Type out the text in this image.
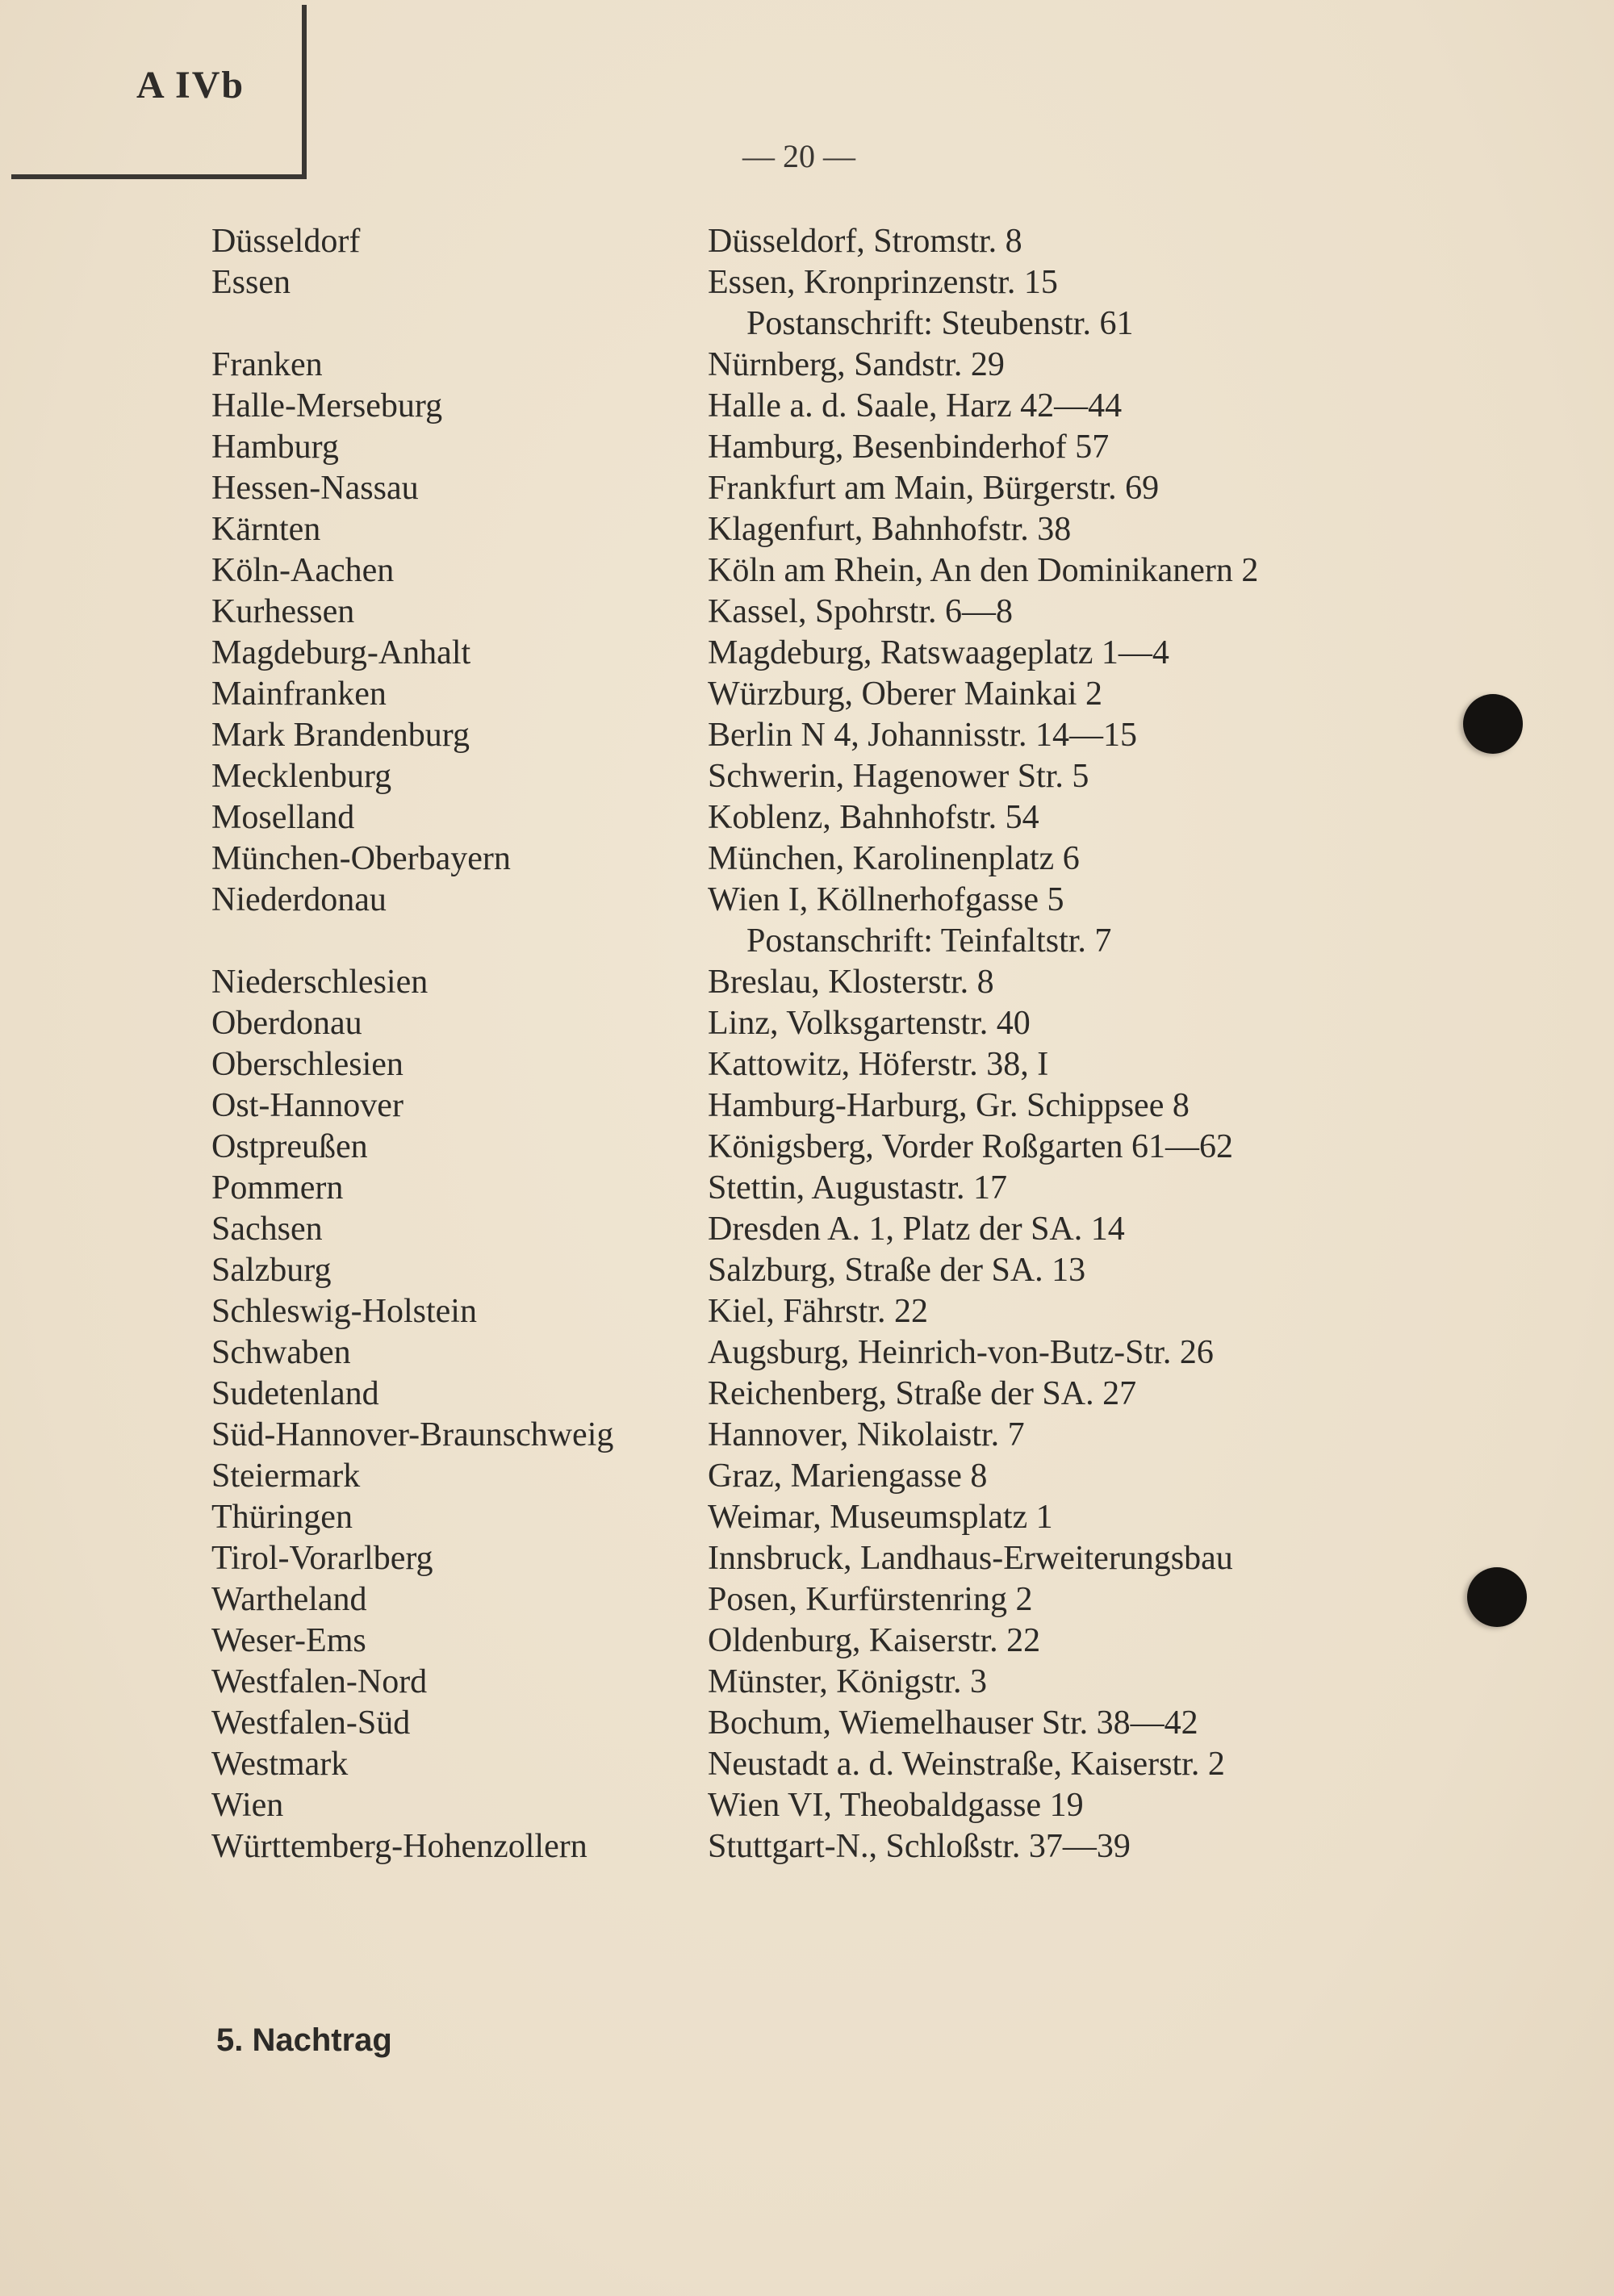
A IVb
— 20 —
Düsseldorf	Düsseldorf, Stromstr. 8
Essen	Essen, Kronprinzenstr. 15
Postanschrift: Steubenstr. 61
Franken	Nürnberg, Sandstr. 29
Halle-Merseburg	Halle a. d. Saale, Harz 42—44
Hamburg	Hamburg, Besenbinderhof 57
Hessen-Nassau	Frankfurt am Main, Bürgerstr. 69
Kärnten	Klagenfurt, Bahnhofstr. 38
Köln-Aachen	Köln am Rhein, An den Dominikanern 2
Kurhessen	Kassel, Spohrstr. 6—8
Magdeburg-Anhalt	Magdeburg, Ratswaageplatz 1—4
Mainfranken	Würzburg, Oberer Mainkai 2
Mark Brandenburg	Berlin N 4, Johannisstr. 14—15
Mecklenburg	Schwerin, Hagenower Str. 5
Moselland	Koblenz, Bahnhofstr. 54
München-Oberbayern	München, Karolinenplatz 6
Niederdonau	Wien I, Köllnerhofgasse 5
Postanschrift: Teinfaltstr. 7
Niederschlesien	Breslau, Klosterstr. 8
Oberdonau	Linz, Volksgartenstr. 40
Oberschlesien	Kattowitz, Höferstr. 38, I
Ost-Hannover	Hamburg-Harburg, Gr. Schippsee 8
Ostpreußen	Königsberg, Vorder Roßgarten 61—62
Pommern	Stettin, Augustastr. 17
Sachsen	Dresden A. 1, Platz der SA. 14
Salzburg	Salzburg, Straße der SA. 13
Schleswig-Holstein	Kiel, Fährstr. 22
Schwaben	Augsburg, Heinrich-von-Butz-Str. 26
Sudetenland	Reichenberg, Straße der SA. 27
Süd-Hannover-Braunschweig	Hannover, Nikolaistr. 7
Steiermark	Graz, Mariengasse 8
Thüringen	Weimar, Museumsplatz 1
Tirol-Vorarlberg	Innsbruck, Landhaus-Erweiterungsbau
Wartheland	Posen, Kurfürstenring 2
Weser-Ems	Oldenburg, Kaiserstr. 22
Westfalen-Nord	Münster, Königstr. 3
Westfalen-Süd	Bochum, Wiemelhauser Str. 38—42
Westmark	Neustadt a. d. Weinstraße, Kaiserstr. 2
Wien	Wien VI, Theobaldgasse 19
Württemberg-Hohenzollern	Stuttgart-N., Schloßstr. 37—39
5. Nachtrag
